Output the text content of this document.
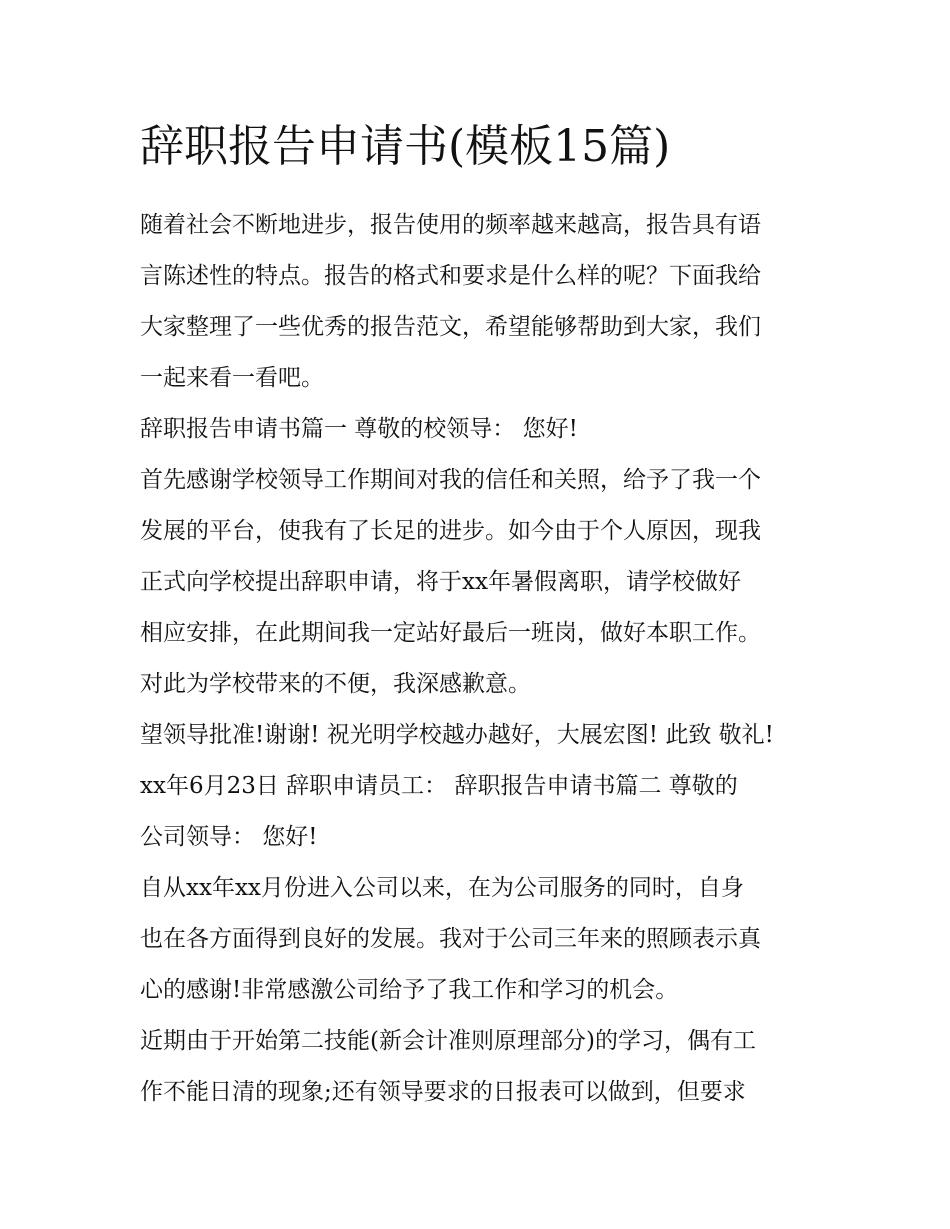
辞职报告申请书(模板15篇)

随着社会不断地进步，报告使用的频率越来越高，报告具有语

言陈述性的特点。报告的格式和要求是什么样的呢？下面我给

大家整理了一些优秀的报告范文，希望能够帮助到大家，我们

一起来看一看吧。

辞职报告申请书篇一 尊敬的校领导： 您好!

首先感谢学校领导工作期间对我的信任和关照，给予了我一个

发展的平台，使我有了长足的进步。如今由于个人原因，现我

正式向学校提出辞职申请，将于xx年暑假离职，请学校做好

相应安排，在此期间我一定站好最后一班岗，做好本职工作。

对此为学校带来的不便，我深感歉意。

望领导批准!谢谢! 祝光明学校越办越好，大展宏图! 此致 敬礼!

xx年6月23日 辞职申请员工： 辞职报告申请书篇二 尊敬的

公司领导： 您好!

自从xx年xx月份进入公司以来，在为公司服务的同时，自身

也在各方面得到良好的发展。我对于公司三年来的照顾表示真

心的感谢!非常感激公司给予了我工作和学习的机会。

近期由于开始第二技能(新会计准则原理部分)的学习，偶有工

作不能日清的现象;还有领导要求的日报表可以做到，但要求
